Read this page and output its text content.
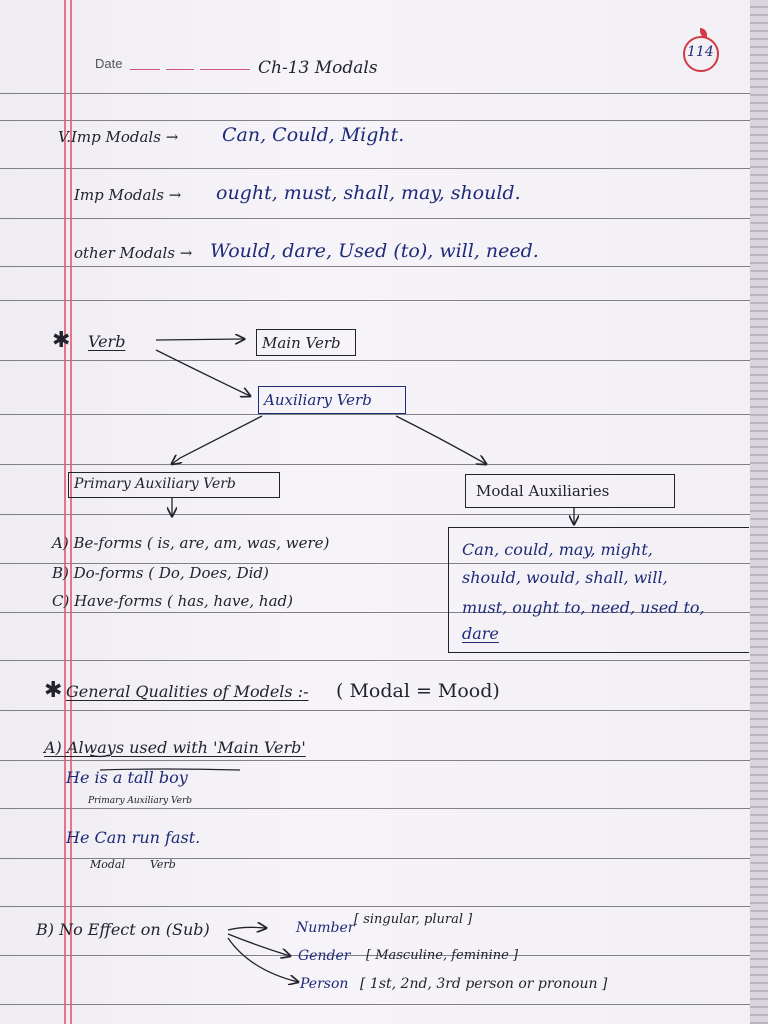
Date	Ch-13 Modals
114
V.Imp Modals → Can, Could, Might.
Imp Modals → ought, must, shall, may, should.
other Modals → Would, dare, Used (to), will, need.
✱ Verb	Main Verb
Auxiliary Verb
Primary Auxiliary Verb	Modal Auxiliaries
A) Be-forms ( is, are, am, was, were)
B) Do-forms ( Do, Does, Did)
C) Have-forms ( has, have, had)
Can, could, may, might,
should, would, shall, will,
must, ought to, need, used to,
dare
✱ General Qualities of Models :- ( Modal = Mood)
A) Always used with 'Main Verb'
He is a tall boy
Primary Auxiliary Verb
He Can run fast.
Modal Verb
B) No Effect on (Sub)	Number
[ singular, plural ]
Gender [ Masculine, feminine ]
Person [ 1st, 2nd, 3rd person or pronoun ]
